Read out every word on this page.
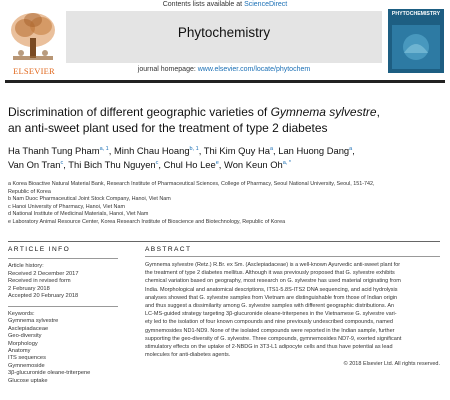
Contents lists available at ScienceDirect
ELSEVIER
Phytochemistry
journal homepage: www.elsevier.com/locate/phytochem
PHYTOCHEMISTRY
Discrimination of different geographic varieties of Gymnema sylvestre,
an anti-sweet plant used for the treatment of type 2 diabetes
Ha Thanh Tung Pham$^{a, 1}$, Minh Chau Hoang$^{b, 1}$, Thi Kim Quy Ha$^a$, Lan Huong Dang$^a$,
Van On Tran$^c$, Thi Bich Thu Nguyen$^c$, Chul Ho Lee$^e$, Won Keun $Oh^{a, *}$
a Korea Bioactive Natural Material Bank, Research Institute of Pharmaceutical Sciences, College of Pharmacy, Seoul National University, Seoul, 151-742,
Republic of Korea
b Nam Duoc Pharmaceutical Joint Stock Company, Hanoi, Viet Nam
c Hanoi University of Pharmacy, Hanoi, Viet Nam
d National Institute of Medicinal Materials, Hanoi, Viet Nam
e Laboratory Animal Resource Center, Korea Research Institute of Bioscience and Biotechnology, Republic of Korea
ARTICLE INFO
Article history:
Received 2 December 2017
Received in revised form
2 February 2018
Accepted 20 February 2018
Keywords:
Gymnema sylvestre
Asclepiadaceae
Geo-diversity
Morphology
Anatomy
ITS sequences
Gymnemoside
3β-glucuronide oleane-triterpene
Glucose uptake
ABSTRACT
Gymnema sylvestre (Retz.) R.Br. ex Sm. (Asclepiadaceae) is a well-known Ayurvedic anti-sweet plant for
the treatment of type 2 diabetes mellitus. Although it was previously proposed that G. sylvestre exhibits
chemical variation based on geography, most research on G. sylvestre has used material originating from
India. Morphological and anatomical descriptions, ITS1-5.8S-ITS2 DNA sequencing, and acid hydrolysis
analyses showed that G. sylvestre samples from Vietnam are distinguishable from those of Indian origin
and thus suggest a dissimilarity among G. sylvestre samples with different geographic distributions. An
LC-MS-guided strategy targeting 3β-glucuronide oleane-triterpenes in the Vietnamese G. sylvestre vari-
ety led to the isolation of four known compounds and nine previously undescribed compounds, named
gymnemosides ND1-ND9. None of the isolated compounds were reported in the Indian sample, further
supporting the geo-diversity of G. sylvestre. Three compounds, gymnemosides ND7-9, exerted significant
stimulatory effects on the uptake of 2-NBDG in 3T3-L1 adipocyte cells and thus have potential as lead
molecules for anti-diabetes agents.
© 2018 Elsevier Ltd. All rights reserved.
